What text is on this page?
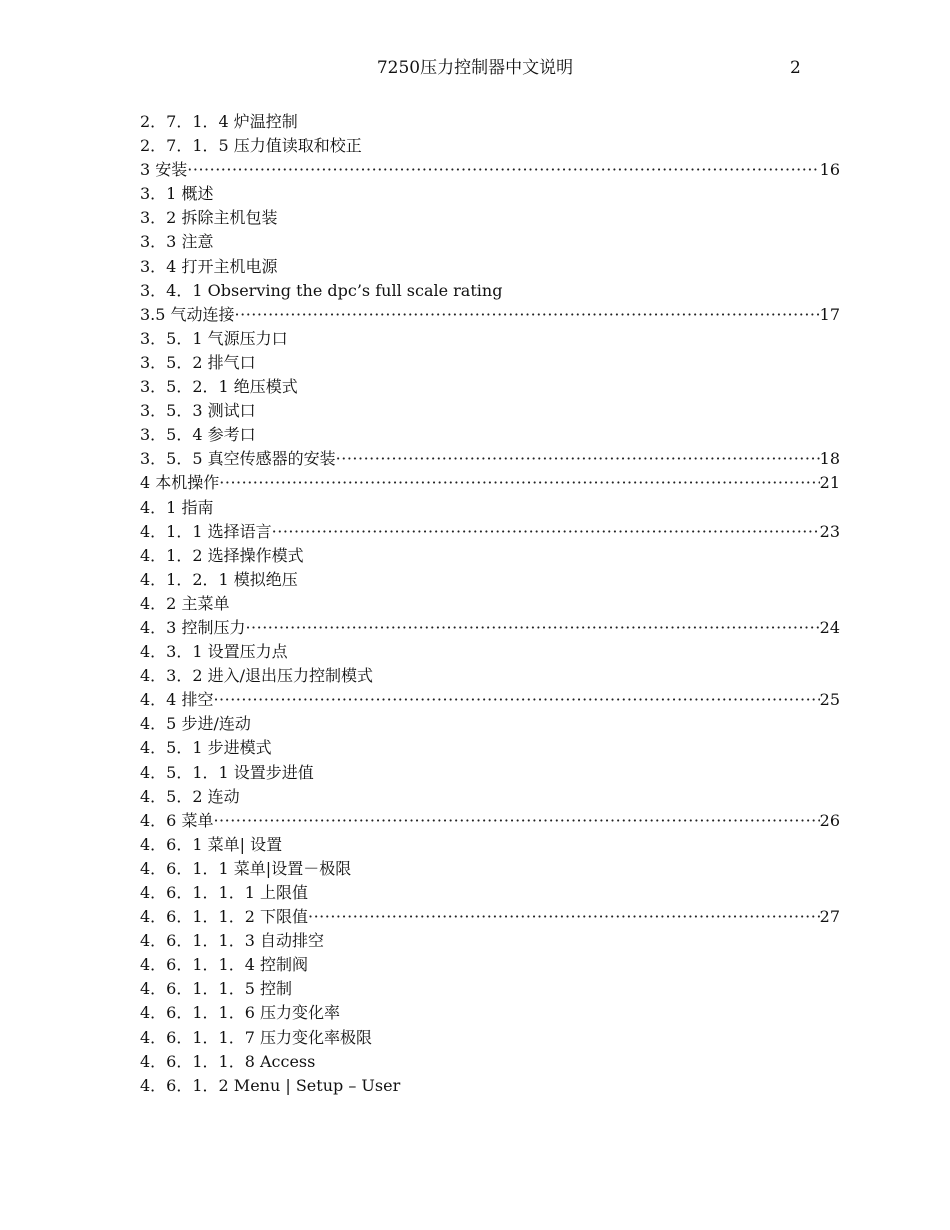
7250压力控制器中文说明	2
2．7．1．4 炉温控制
2．7．1．5 压力值读取和校正
3 安装 ·····	16
3．1 概述
3．2 拆除主机包装
3．3 注意
3．4 打开主机电源
3．4．1 Observing the dpc’s full scale rating
3.5 气动连接 ·····	17
3．5．1 气源压力口
3．5．2 排气口
3．5．2．1 绝压模式
3．5．3 测试口
3．5．4 参考口
3．5．5 真空传感器的安装 ·····	18
4 本机操作 ·····	21
4．1 指南
4．1．1 选择语言 ·····	23
4．1．2 选择操作模式
4．1．2．1 模拟绝压
4．2 主菜单
4．3 控制压力 ·····	24
4．3．1 设置压力点
4．3．2 进入/退出压力控制模式
4．4 排空 ·····	25
4．5 步进/连动
4．5．1 步进模式
4．5．1．1 设置步进值
4．5．2 连动
4．6 菜单 ·····	26
4．6．1 菜单| 设置
4．6．1．1 菜单|设置－极限
4．6．1．1．1 上限值
4．6．1．1．2 下限值 ·····	27
4．6．1．1．3 自动排空
4．6．1．1．4 控制阀
4．6．1．1．5 控制
4．6．1．1．6 压力变化率
4．6．1．1．7 压力变化率极限
4．6．1．1．8 Access
4．6．1．2 Menu | Setup – User
